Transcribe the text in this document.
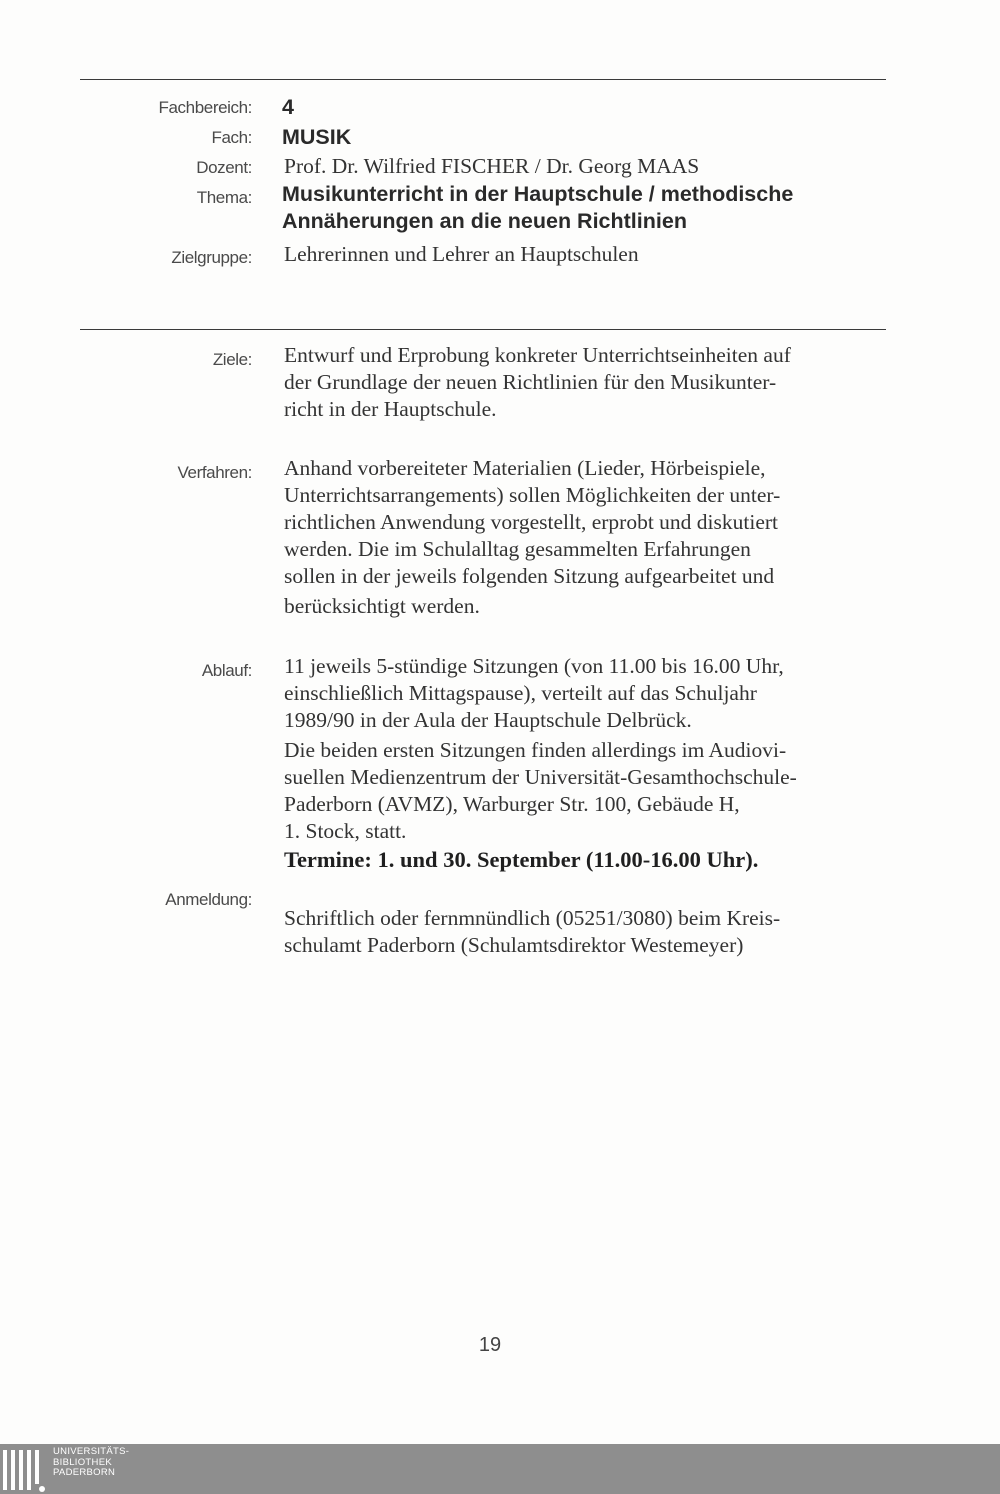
Fachbereich: 4
Fach: MUSIK
Dozent: Prof. Dr. Wilfried FISCHER / Dr. Georg MAAS
Thema: Musikunterricht in der Hauptschule / methodische
Annäherungen an die neuen Richtlinien
Zielgruppe: Lehrerinnen und Lehrer an Hauptschulen
Ziele: Entwurf und Erprobung konkreter Unterrichtseinheiten auf
der Grundlage der neuen Richtlinien für den Musikunter-
richt in der Hauptschule.
Verfahren: Anhand vorbereiteter Materialien (Lieder, Hörbeispiele,
Unterrichtsarrangements) sollen Möglichkeiten der unter-
richtlichen Anwendung vorgestellt, erprobt und diskutiert
werden. Die im Schulalltag gesammelten Erfahrungen
sollen in der jeweils folgenden Sitzung aufgearbeitet und
berücksichtigt werden.
Ablauf: 11 jeweils 5-stündige Sitzungen (von 11.00 bis 16.00 Uhr,
einschließlich Mittagspause), verteilt auf das Schuljahr
1989/90 in der Aula der Hauptschule Delbrück.
Die beiden ersten Sitzungen finden allerdings im Audiovi-
suellen Medienzentrum der Universität-Gesamthochschule-
Paderborn (AVMZ), Warburger Str. 100, Gebäude H,
1. Stock, statt.
Termine: 1. und 30. September (11.00-16.00 Uhr).
Anmeldung:
Schriftlich oder fernmnündlich (05251/3080) beim Kreis-
schulamt Paderborn (Schulamtsdirektor Westemeyer)
19
UNIVERSITÄTS-
BIBLIOTHEK
PADERBORN
